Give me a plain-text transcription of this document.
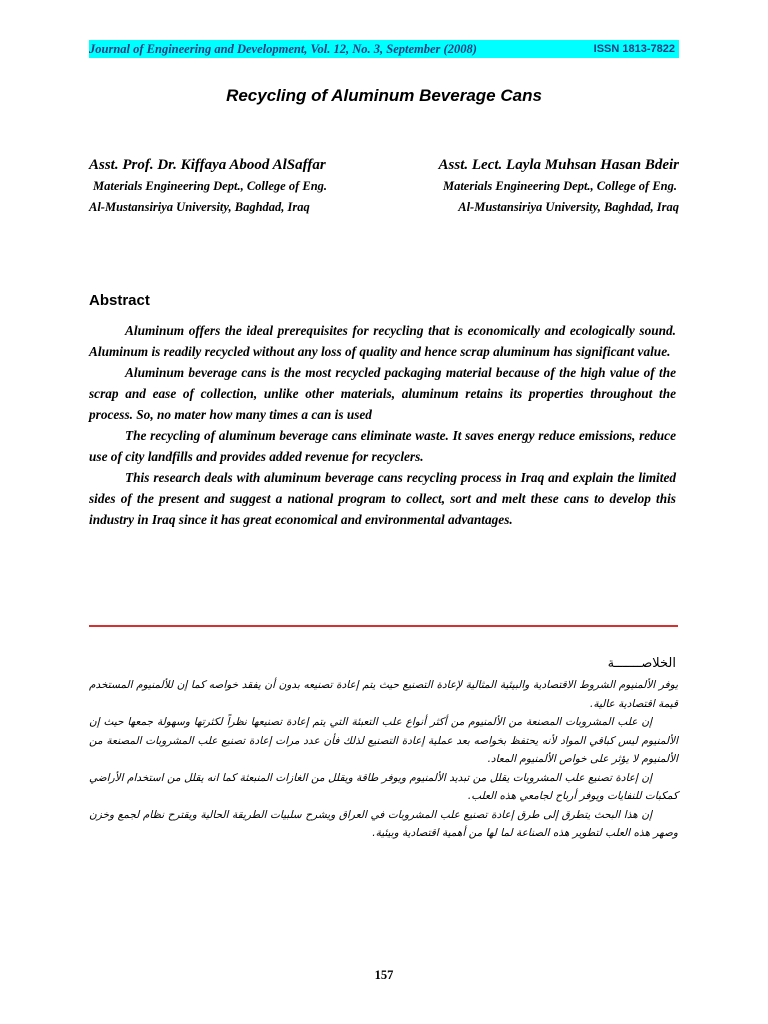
Journal of Engineering and Development, Vol. 12, No. 3, September (2008)	ISSN 1813-7822
Recycling of Aluminum Beverage Cans
Asst. Prof. Dr. Kiffaya Abood AlSaffar
Materials Engineering Dept., College of Eng.
Al-Mustansiriya University, Baghdad, Iraq
Asst. Lect. Layla Muhsan Hasan Bdeir
Materials Engineering Dept., College of Eng.
Al-Mustansiriya University, Baghdad, Iraq
Abstract

Aluminum offers the ideal prerequisites for recycling that is economically and ecologically sound. Aluminum is readily recycled without any loss of quality and hence scrap aluminum has significant value.

Aluminum beverage cans is the most recycled packaging material because of the high value of the scrap and ease of collection, unlike other materials, aluminum retains its properties throughout the process. So, no mater how many times a can is used

The recycling of aluminum beverage cans eliminate waste. It saves energy reduce emissions, reduce use of city landfills and provides added revenue for recyclers.

This research deals with aluminum beverage cans recycling process in Iraq and explain the limited sides of the present and suggest a national program to collect, sort and melt these cans to develop this industry in Iraq since it has great economical and environmental advantages.

الخلاصـــــــة

يوفر الألمنيوم الشروط الاقتصادية والبيئية المثالية لإعادة التصنيع حيث يتم إعادة تصنيعه بدون أن يفقد خواصه كما إن للألمنيوم المستخدم قيمة اقتصادية عالية.

إن علب المشروبات المصنعة من الألمنيوم من أكثر أنواع علب التعبئة التي يتم إعادة تصنيعها نظراً لكثرتها وسهولة جمعها حيث إن الألمنيوم ليس كباقي المواد لأنه يحتفظ بخواصه بعد عملية إعادة التصنيع لذلك فأن عدد مرات إعادة تصنيع علب المشروبات المصنعة من الألمنيوم لا يؤثر على خواص الألمنيوم المعاد.

إن إعادة تصنيع علب المشروبات يقلل من تبديد الألمنيوم ويوفر طاقة ويقلل من الغازات المنبعثة كما انه يقلل من استخدام الأراضي كمكبات للنفايات ويوفر أرباح لجامعي هذه العلب.

إن هذا البحث يتطرق إلى طرق إعادة تصنيع علب المشروبات في العراق ويشرح سلبيات الطريقة الحالية ويقترح نظام لجمع وخزن وصهر هذه العلب لتطوير هذه الصناعة لما لها من أهمية اقتصادية وبيئية.

157
